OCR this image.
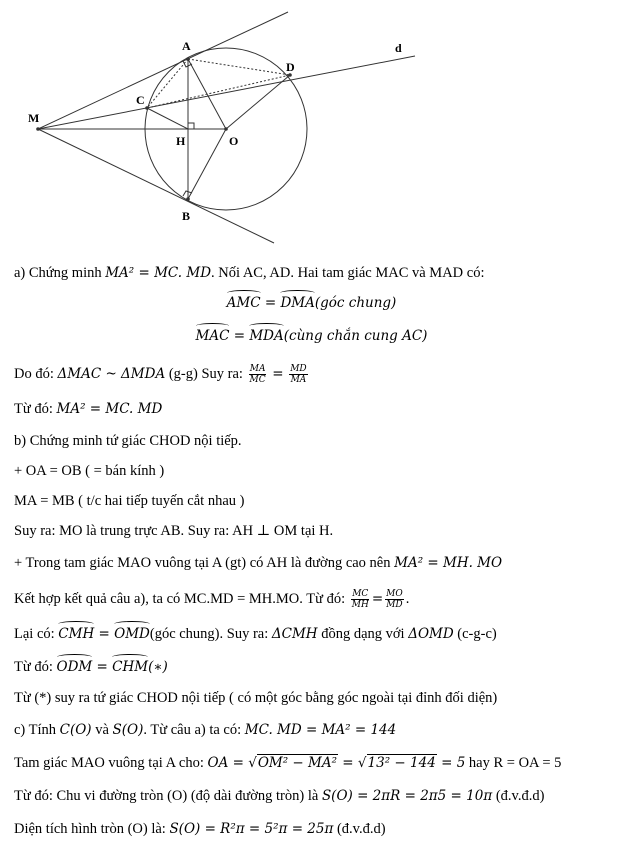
A
B
C
D
H
M
O
d
a) Chứng minh MA² = MC. MD. Nối AC, AD. Hai tam giác MAC và MAD có:
AMC = DMA(góc chung)
MAC = MDA(cùng chắn cung AC)
Do đó: ΔMAC ~ ΔMDA (g-g) Suy ra: $\frac{MA}{MC} = \frac{MD}{MA}$
Từ đó: MA² = MC. MD
b) Chứng minh tứ giác CHOD nội tiếp.
+ OA = OB ( = bán kính )
MA = MB ( t/c hai tiếp tuyến cắt nhau )
Suy ra: MO là trung trực AB. Suy ra: AH ⊥ OM tại H.
+ Trong tam giác MAO vuông tại A (gt) có AH là đường cao nên MA² = MH. MO
Kết hợp kết quả câu a), ta có MC.MD = MH.MO. Từ đó: $\frac{MC}{MH} = \frac{MO}{MD}$ .
Lại có: CMH = OMD(góc chung). Suy ra: ΔCMH đồng dạng với ΔOMD (c-g-c)
Từ đó: ODM = CHM(∗)
Từ (*) suy ra tứ giác CHOD nội tiếp ( có một góc bằng góc ngoài tại đỉnh đối diện)
c) Tính C(O) và S(O). Từ câu a) ta có: MC. MD = MA² = 144
Tam giác MAO vuông tại A cho: OA = √OM² − MA² = √13² − 144 = 5 hay R = OA = 5
Từ đó: Chu vi đường tròn (O) (độ dài đường tròn) là S(O) = 2πR = 2π5 = 10π (đ.v.đ.d)
Diện tích hình tròn (O) là: S(O) = R²π = 5²π = 25π (đ.v.đ.d)
